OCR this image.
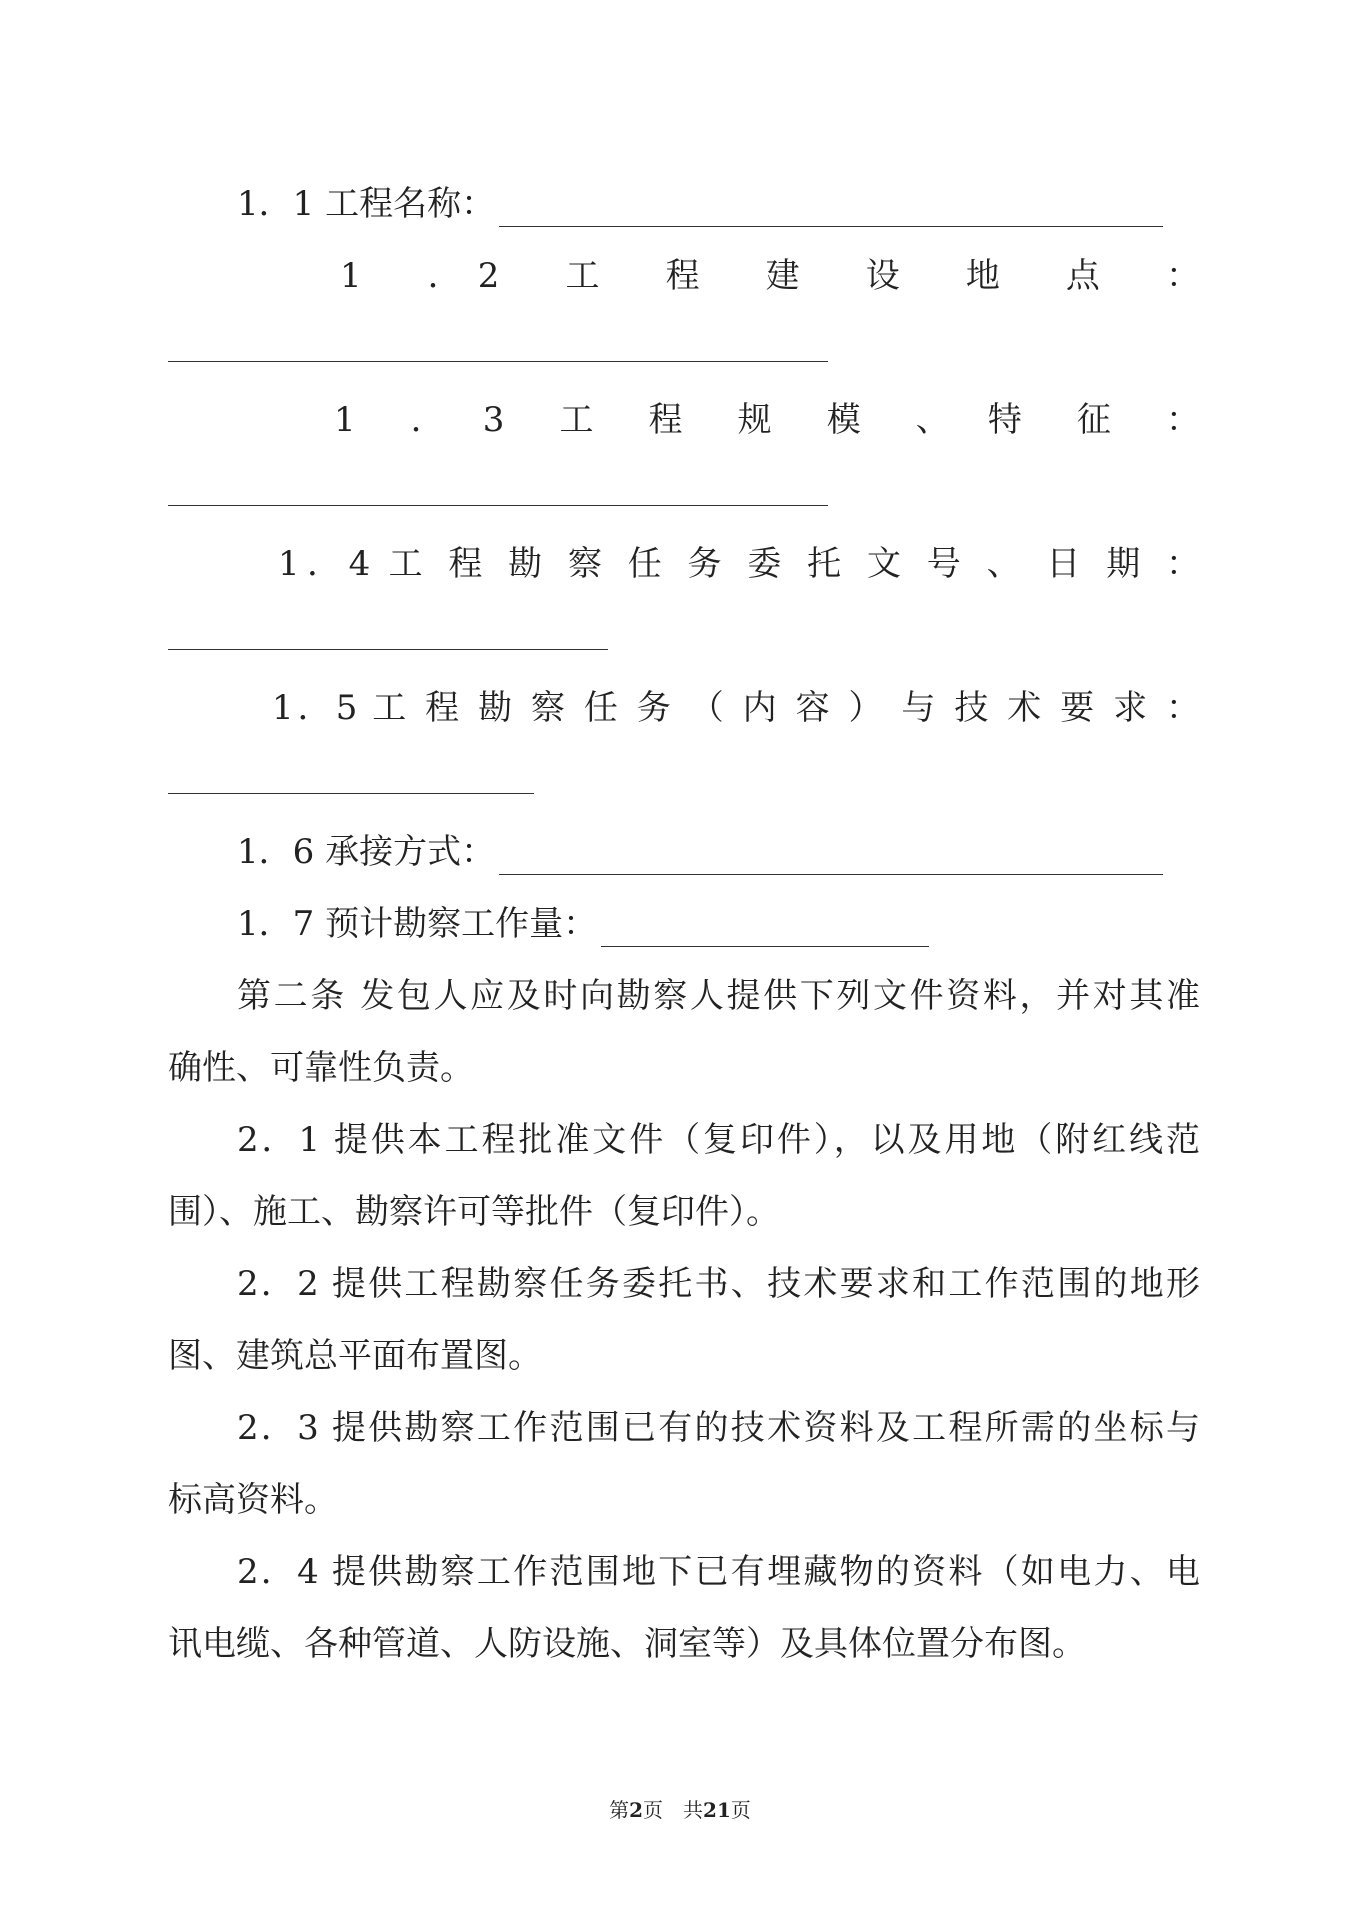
1．1 工程名称：
1　．2　工　程　建　设　地　点　：
1　．　3　工　程　规　模　、　特　征　：
1．4 工 程 勘 察 任 务 委 托 文 号 、 日 期 ：
1．5 工 程 勘 察 任 务 （ 内 容 ） 与 技 术 要 求 ：
1．6 承接方式：
1．7 预计勘察工作量：
第二条 发包人应及时向勘察人提供下列文件资料，并对其准
确性、可靠性负责。
2．1 提供本工程批准文件（复印件），以及用地（附红线范
围）、施工、勘察许可等批件（复印件）。
2．2 提供工程勘察任务委托书、技术要求和工作范围的地形
图、建筑总平面布置图。
2．3 提供勘察工作范围已有的技术资料及工程所需的坐标与
标高资料。
2．4 提供勘察工作范围地下已有埋藏物的资料（如电力、电
讯电缆、各种管道、人防设施、洞室等）及具体位置分布图。
第2页　 共21页
